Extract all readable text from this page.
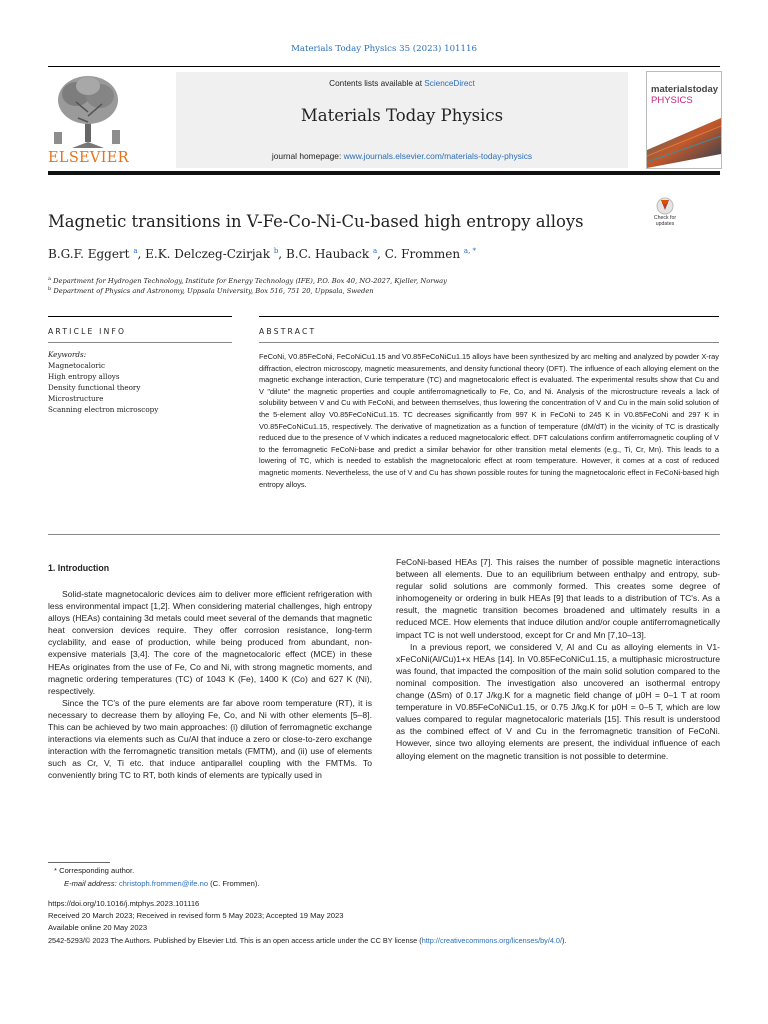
Materials Today Physics 35 (2023) 101116
ELSEVIER
Contents lists available at ScienceDirect
Materials Today Physics
journal homepage: www.journals.elsevier.com/materials-today-physics
materialstoday
PHYSICS
Magnetic transitions in V-Fe-Co-Ni-Cu-based high entropy alloys	Check for updates
B.G.F. Eggert $^a$, E.K. Delczeg-Czirjak $^b$, B.C. Hauback $^a$, C. Frommen $^{a, *}$
$^a$ Department for Hydrogen Technology, Institute for Energy Technology (IFE), P.O. Box 40, NO-2027, Kjeller, Norway
$^b$ Department of Physics and Astronomy, Uppsala University, Box 516, 751 20, Uppsala, Sweden
ARTICLE INFO	ABSTRACT
Keywords:
Magnetocaloric
High entropy alloys
Density functional theory
Microstructure
Scanning electron microscopy
FeCoNi, V0.85FeCoNi, FeCoNiCu1.15 and V0.85FeCoNiCu1.15 alloys have been synthesized by arc melting and analyzed by powder X-ray diffraction, electron microscopy, magnetic measurements, and density functional theory (DFT). The influence of each alloying element on the magnetic exchange interaction, Curie temperature (TC) and magnetocaloric effect is evaluated. The experimental results show that Cu and V "dilute" the magnetic properties and couple antiferromagnetically to Fe, Co, and Ni. Analysis of the microstructure reveals a lack of solubility between V and Cu with FeCoNi, and between themselves, thus lowering the concentration of V and Cu in the main solid solution of the 5-element alloy V0.85FeCoNiCu1.15. TC decreases significantly from 997 K in FeCoNi to 245 K in V0.85FeCoNi and 297 K in V0.85FeCoNiCu1.15, respectively. The derivative of magnetization as a function of temperature (dM/dT) in the vicinity of TC is drastically reduced due to the presence of V which indicates a reduced magnetocaloric effect. DFT calculations confirm antiferromagnetic coupling of V to the ferromagnetic FeCoNi-base and predict a similar behavior for other transition metal elements (e.g., Ti, Cr, Mn). This leads to a lowering of TC, which is needed to establish the magnetocaloric effect at room temperature. However, it comes at a cost of reduced magnetic moments. Nevertheless, the use of V and Cu has shown possible routes for tuning the magnetocaloric effect in FeCoNi-based high entropy alloys.
1. Introduction

Solid-state magnetocaloric devices aim to deliver more efficient refrigeration with less environmental impact [1,2]. When considering material challenges, high entropy alloys (HEAs) containing 3d metals could meet several of the demands that magnetic heat conversion devices require. They offer corrosion resistance, long-term cyclability, and ease of production, while being produced from abundant, non-expensive materials [3,4]. The core of the magnetocaloric effect (MCE) in these HEAs originates from the use of Fe, Co and Ni, with strong magnetic moments, and magnetic ordering temperatures (TC) of 1043 K (Fe), 1400 K (Co) and 627 K (Ni), respectively.

Since the TC's of the pure elements are far above room temperature (RT), it is necessary to decrease them by alloying Fe, Co, and Ni with other elements [5–8]. This can be achieved by two main approaches: (i) dilution of ferromagnetic exchange interactions via elements such as Cu/Al that induce a zero or close-to-zero exchange interaction with the ferromagnetic transition metals (FMTM), and (ii) use of elements such as Cr, V, Ti etc. that induce antiparallel coupling with the FMTMs. To conveniently bring TC to RT, both kinds of elements are typically used in

FeCoNi-based HEAs [7]. This raises the number of possible magnetic interactions between all elements. Due to an equilibrium between enthalpy and entropy, sub-regular solid solutions are commonly formed. This creates some degree of inhomogeneity or ordering in bulk HEAs [9] that leads to a distribution of TC's. As a result, the magnetic transition becomes broadened and ultimately results in a reduced MCE. How elements that induce dilution and/or couple antiferromagnetically impact TC is not well understood, except for Cr and Mn [7,10–13].

In a previous report, we considered V, Al and Cu as alloying elements in V1-xFeCoNi(Al/Cu)1+x HEAs [14]. In V0.85FeCoNiCu1.15, a multiphasic microstructure was found, that impacted the composition of the main solid solution compared to the nominal composition. The investigation also uncovered an isothermal entropy change (ΔSm) of 0.17 J/kg.K for a magnetic field change of μ0H = 0–1 T at room temperature in V0.85FeCoNiCu1.15, or 0.75 J/kg.K for μ0H = 0–5 T, which are low values compared to regular magnetocaloric materials [15]. This result is understood as the combined effect of V and Cu in the ferromagnetic transition of FeCoNi. However, since two alloying elements are present, the individual influence of each alloying element on the magnetic transition is not possible to determine.

* Corresponding author.
E-mail address: christoph.frommen@ife.no (C. Frommen).
https://doi.org/10.1016/j.mtphys.2023.101116
Received 20 March 2023; Received in revised form 5 May 2023; Accepted 19 May 2023
Available online 20 May 2023
2542-5293/© 2023 The Authors. Published by Elsevier Ltd. This is an open access article under the CC BY license (http://creativecommons.org/licenses/by/4.0/).
